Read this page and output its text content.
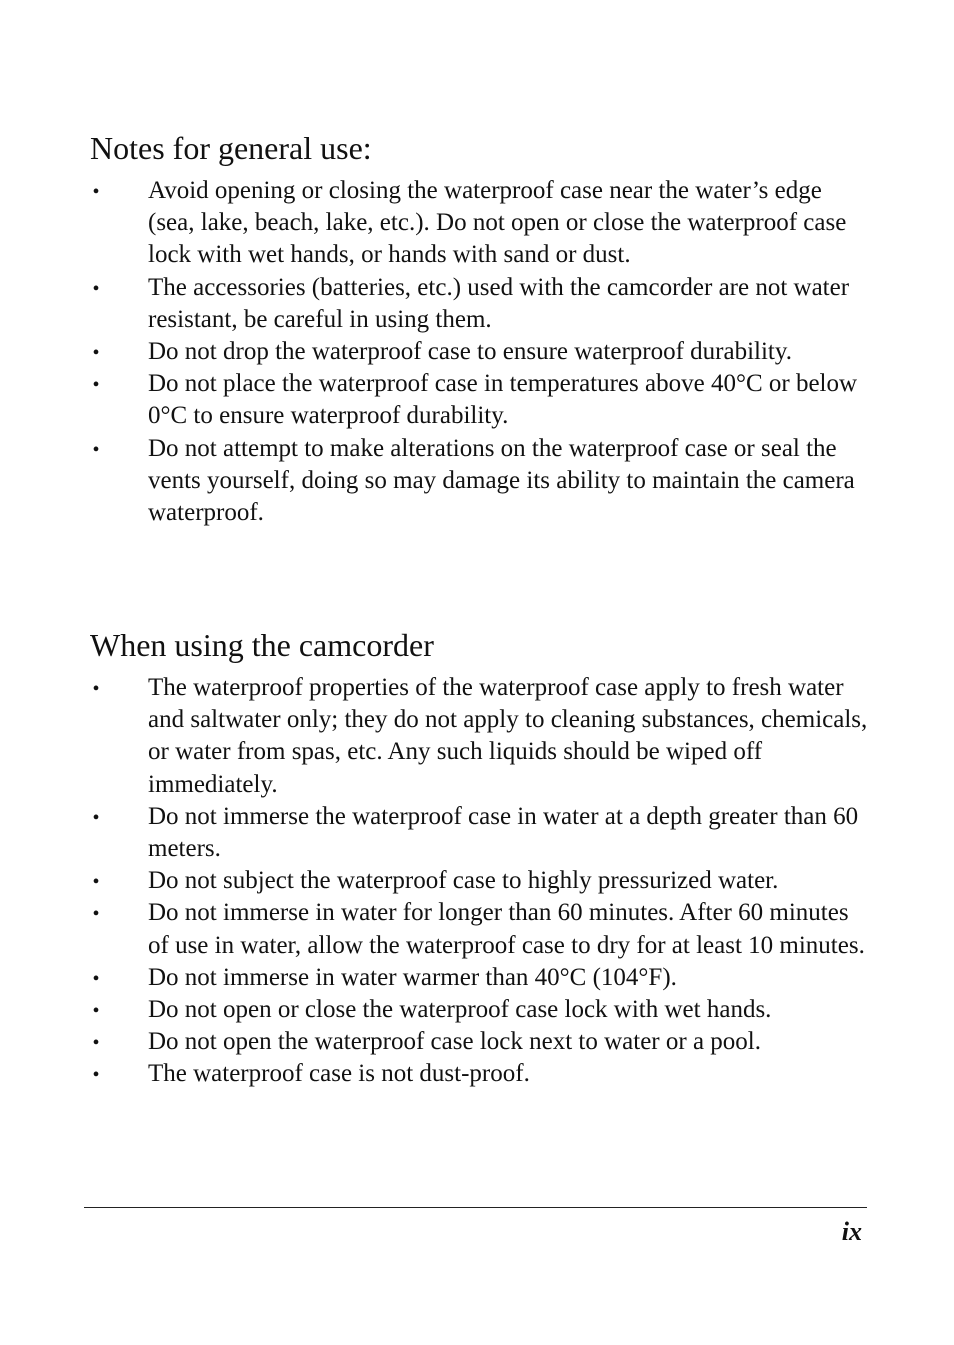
Notes for general use:
•
Avoid opening or closing the waterproof case near the water’s edge (sea, lake, beach, lake, etc.). Do not open or close the waterproof case lock with wet hands, or hands with sand or dust.
•
The accessories (batteries, etc.) used with the camcorder are not water resistant, be careful in using them.
•
Do not drop the waterproof case to ensure waterproof durability.
•
Do not place the waterproof case in temperatures above 40°C or below 0°C to ensure waterproof durability.
•
Do not attempt to make alterations on the waterproof case or seal the vents yourself, doing so may damage its ability to maintain the camera waterproof.
When using the camcorder
•
The waterproof properties of the waterproof case apply to fresh water and saltwater only; they do not apply to cleaning substances, chemicals, or water from spas, etc. Any such liquids should be wiped off immediately.
•
Do not immerse the waterproof case in water at a depth greater than 60 meters.
•
Do not subject the waterproof case to highly pressurized water.
•
Do not immerse in water for longer than 60 minutes. After 60 minutes of use in water, allow the waterproof case to dry for at least 10 minutes.
•
Do not immerse in water warmer than 40°C (104°F).
•
Do not open or close the waterproof case lock with wet hands.
•
Do not open the waterproof case lock next to water or a pool.
•
The waterproof case is not dust-proof.
ix
